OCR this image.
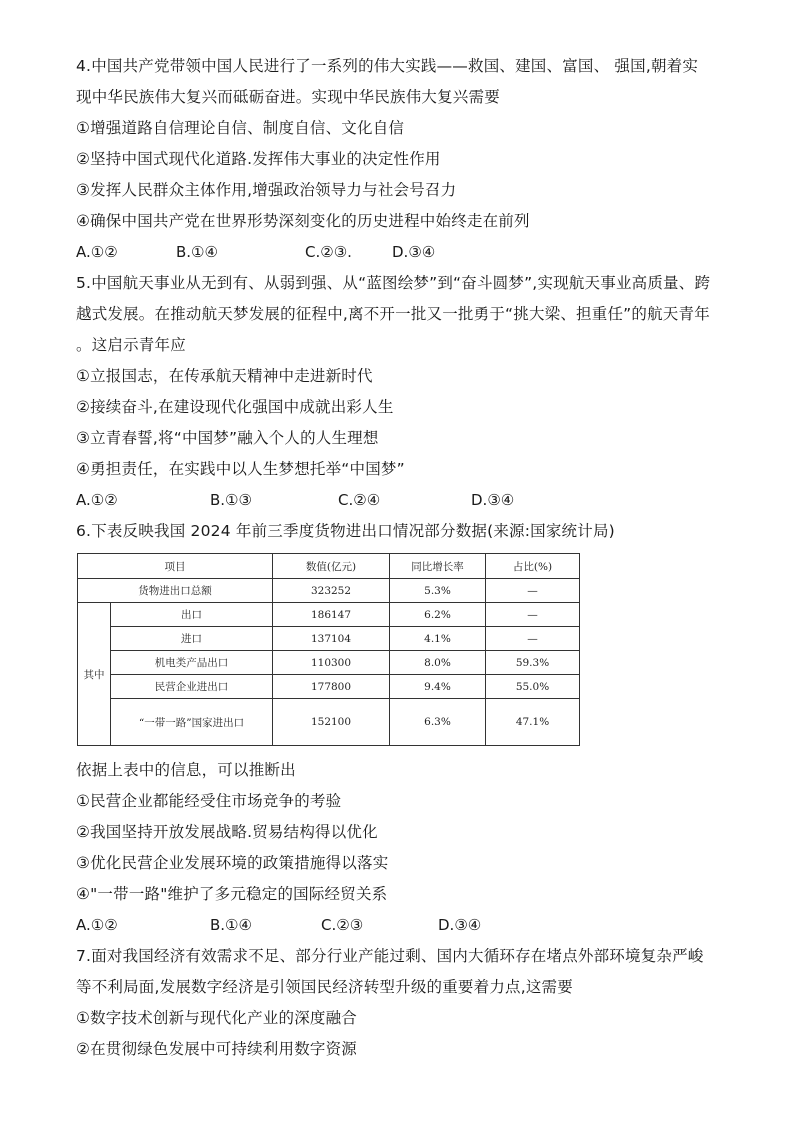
4.中国共产党带领中国人民进行了一系列的伟大实践——救国、建国、富国、 强国,朝着实
现中华民族伟大复兴而砥砺奋进。实现中华民族伟大复兴需要
①增强道路自信理论自信、制度自信、文化自信
②坚持中国式现代化道路.发挥伟大事业的决定性作用
③发挥人民群众主体作用,增强政治领导力与社会号召力
④确保中国共产党在世界形势深刻变化的历史进程中始终走在前列
A.①②	B.①④	C.②③.	D.③④
5.中国航天事业从无到有、从弱到强、从“蓝图绘梦”到“奋斗圆梦”,实现航天事业高质量、跨
越式发展。在推动航天梦发展的征程中,离不开一批又一批勇于“挑大梁、担重任”的航天青年
。这启示青年应
①立报国志，在传承航天精神中走进新时代
②接续奋斗,在建设现代化强国中成就出彩人生
③立青春誓,将“中国梦”融入个人的人生理想
④勇担责任，在实践中以人生梦想托举“中国梦”
A.①②	B.①③	C.②④	D.③④
6.下表反映我国 2024 年前三季度货物进出口情况部分数据(来源:国家统计局)
项目		数值(亿元)	同比增长率	占比(%)
货物进出口总额		323252	5.3%	—
其中	出口	186147	6.2%	—
	进口	137104	4.1%	—
	机电类产品出口	110300	8.0%	59.3%
	民营企业进出口	177800	9.4%	55.0%
	“一带一路”国家进出口	152100	6.3%	47.1%
依据上表中的信息，可以推断出
①民营企业都能经受住市场竞争的考验
②我国坚持开放发展战略.贸易结构得以优化
③优化民营企业发展环境的政策措施得以落实
④"一带一路"维护了多元稳定的国际经贸关系
A.①②	B.①④	C.②③	D.③④
7.面对我国经济有效需求不足、部分行业产能过剩、国内大循环存在堵点外部环境复杂严峻
等不利局面,发展数字经济是引领国民经济转型升级的重要着力点,这需要
①数字技术创新与现代化产业的深度融合
②在贯彻绿色发展中可持续利用数字资源
